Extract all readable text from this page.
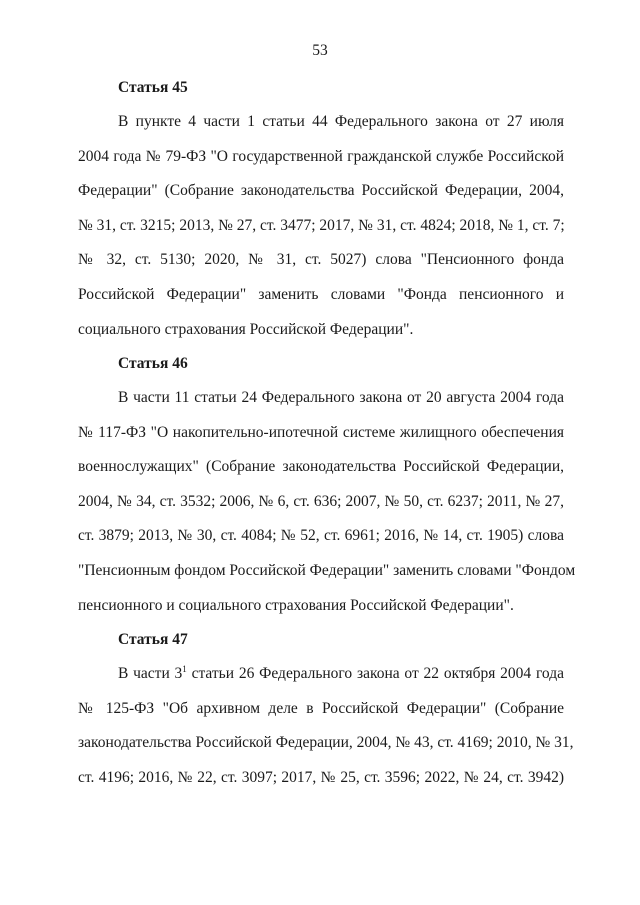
53
Статья 45
В пункте 4 части 1 статьи 44 Федерального закона от 27 июля
2004 года № 79-ФЗ "О государственной гражданской службе Российской
Федерации" (Собрание законодательства Российской Федерации, 2004,
№ 31, ст. 3215; 2013, № 27, ст. 3477; 2017, № 31, ст. 4824; 2018, № 1, ст. 7;
№ 32, ст. 5130; 2020, № 31, ст. 5027) слова "Пенсионного фонда
Российской Федерации" заменить словами "Фонда пенсионного и
социального страхования Российской Федерации".
Статья 46
В части 11 статьи 24 Федерального закона от 20 августа 2004 года
№ 117-ФЗ "О накопительно-ипотечной системе жилищного обеспечения
военнослужащих" (Собрание законодательства Российской Федерации,
2004, № 34, ст. 3532; 2006, № 6, ст. 636; 2007, № 50, ст. 6237; 2011, № 27,
ст. 3879; 2013, № 30, ст. 4084; № 52, ст. 6961; 2016, № 14, ст. 1905) слова
"Пенсионным фондом Российской Федерации" заменить словами "Фондом
пенсионного и социального страхования Российской Федерации".
Статья 47
В части $3^1$ статьи 26 Федерального закона от 22 октября 2004 года
№ 125-ФЗ "Об архивном деле в Российской Федерации" (Собрание
законодательства Российской Федерации, 2004, № 43, ст. 4169; 2010, № 31,
ст. 4196; 2016, № 22, ст. 3097; 2017, № 25, ст. 3596; 2022, № 24, ст. 3942)
